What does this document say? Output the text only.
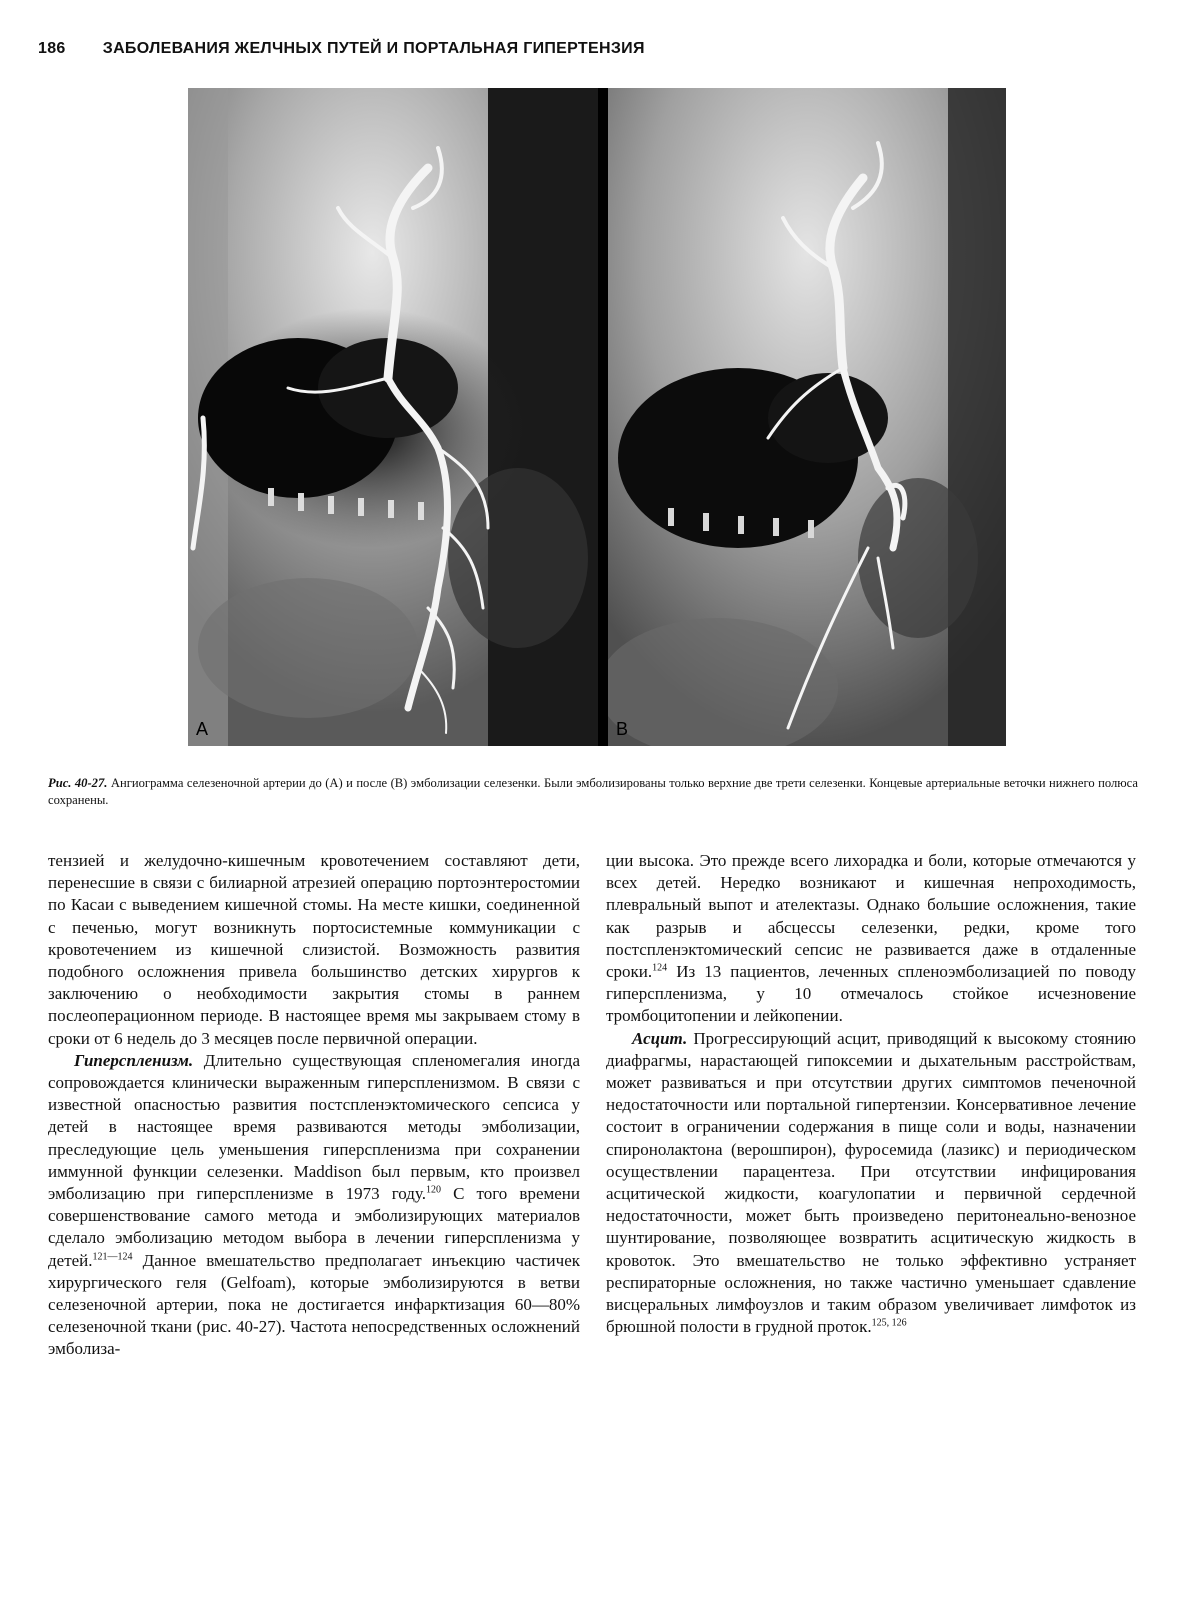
186 ЗАБОЛЕВАНИЯ ЖЕЛЧНЫХ ПУТЕЙ И ПОРТАЛЬНАЯ ГИПЕРТЕНЗИЯ
A	B
Рис. 40-27. Ангиограмма селезеночной артерии до (А) и после (В) эмболизации селезенки. Были эмболизированы только верхние две трети селезенки. Концевые артериальные веточки нижнего полюса сохранены.

тензией и желудочно-кишечным кровотечением составляют дети, перенесшие в связи с билиарной атрезией операцию портоэнтеростомии по Касаи с выведением кишечной стомы. На месте кишки, соединенной с печенью, могут возникнуть портосистемные коммуникации с кровотечением из кишечной слизистой. Возможность развития подобного осложнения привела большинство детских хирургов к заключению о необходимости закрытия стомы в раннем послеоперационном периоде. В настоящее время мы закрываем стому в сроки от 6 недель до 3 месяцев после первичной операции.

Гиперспленизм. Длительно существующая спленомегалия иногда сопровождается клинически выраженным гиперспленизмом. В связи с известной опасностью развития постспленэктомического сепсиса у детей в настоящее время развиваются методы эмболизации, преследующие цель уменьшения гиперспленизма при сохранении иммунной функции селезенки. Maddison был первым, кто произвел эмболизацию при гиперспленизме в 1973 году.$^{120}$ С того времени совершенствование самого метода и эмболизирующих материалов сделало эмболизацию методом выбора в лечении гиперспленизма у детей.$^{121—124}$ Данное вмешательство предполагает инъекцию частичек хирургического геля (Gelfoam), которые эмболизируются в ветви селезеночной артерии, пока не достигается инфарктизация 60—80% селезеночной ткани (рис. 40-27). Частота непосредственных осложнений эмболиза-

ции высока. Это прежде всего лихорадка и боли, которые отмечаются у всех детей. Нередко возникают и кишечная непроходимость, плевральный выпот и ателектазы. Однако большие осложнения, такие как разрыв и абсцессы селезенки, редки, кроме того постспленэктомический сепсис не развивается даже в отдаленные сроки.$^{124}$ Из 13 пациентов, леченных спленоэмболизацией по поводу гиперспленизма, у 10 отмечалось стойкое исчезновение тромбоцитопении и лейкопении.

Асцит. Прогрессирующий асцит, приводящий к высокому стоянию диафрагмы, нарастающей гипоксемии и дыхательным расстройствам, может развиваться и при отсутствии других симптомов печеночной недостаточности или портальной гипертензии. Консервативное лечение состоит в ограничении содержания в пище соли и воды, назначении спиронолактона (верошпирон), фуросемида (лазикс) и периодическом осуществлении парацентеза. При отсутствии инфицирования асцитической жидкости, коагулопатии и первичной сердечной недостаточности, может быть произведено перитонеально-венозное шунтирование, позволяющее возвратить асцитическую жидкость в кровоток. Это вмешательство не только эффективно устраняет респираторные осложнения, но также частично уменьшает сдавление висцеральных лимфоузлов и таким образом увеличивает лимфоток из брюшной полости в грудной проток.$^{125, 126}$
